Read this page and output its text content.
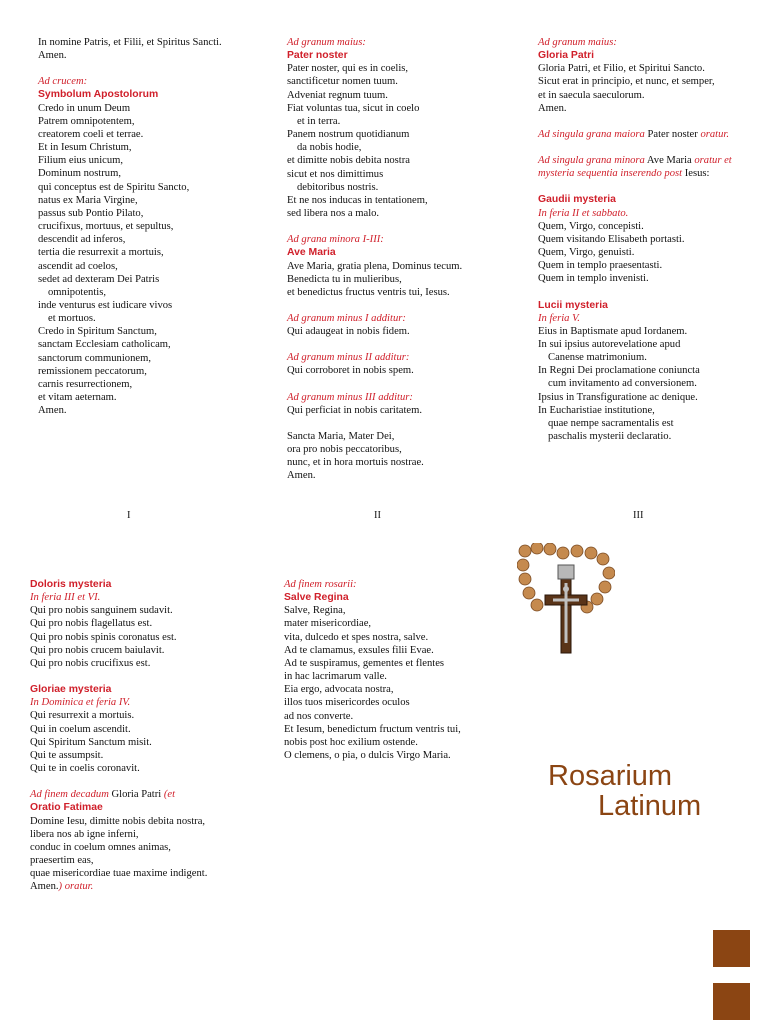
In nomine Patris, et Filii, et Spiritus Sancti.
Amen.
Ad crucem:
Symbolum Apostolorum
Credo in unum Deum
Patrem omnipotentem,
creatorem coeli et terrae.
Et in Iesum Christum,
Filium eius unicum,
Dominum nostrum,
qui conceptus est de Spiritu Sancto,
natus ex Maria Virgine,
passus sub Pontio Pilato,
crucifixus, mortuus, et sepultus,
descendit ad inferos,
tertia die resurrexit a mortuis,
ascendit ad coelos,
sedet ad dexteram Dei Patris
omnipotentis,
inde venturus est iudicare vivos
et mortuos.
Credo in Spiritum Sanctum,
sanctam Ecclesiam catholicam,
sanctorum communionem,
remissionem peccatorum,
carnis resurrectionem,
et vitam aeternam.
Amen.
Ad granum maius:
Pater noster
Pater noster, qui es in coelis,
sanctificetur nomen tuum.
Adveniat regnum tuum.
Fiat voluntas tua, sicut in coelo
et in terra.
Panem nostrum quotidianum
da nobis hodie,
et dimitte nobis debita nostra
sicut et nos dimittimus
debitoribus nostris.
Et ne nos inducas in tentationem,
sed libera nos a malo.
Ad grana minora I-III:
Ave Maria
Ave Maria, gratia plena, Dominus tecum.
Benedicta tu in mulieribus,
et benedictus fructus ventris tui, Iesus.
Ad granum minus I additur:
Qui adaugeat in nobis fidem.
Ad granum minus II additur:
Qui corroboret in nobis spem.
Ad granum minus III additur:
Qui perficiat in nobis caritatem.
Sancta Maria, Mater Dei,
ora pro nobis peccatoribus,
nunc, et in hora mortuis nostrae.
Amen.
Ad granum maius:
Gloria Patri
Gloria Patri, et Filio, et Spiritui Sancto.
Sicut erat in principio, et nunc, et semper,
et in saecula saeculorum.
Amen.
Ad singula grana maiora Pater noster oratur.
Ad singula grana minora Ave Maria oratur et
mysteria sequentia inserendo post Iesus:
Gaudii mysteria
In feria II et sabbato.
Quem, Virgo, concepisti.
Quem visitando Elisabeth portasti.
Quem, Virgo, genuisti.
Quem in templo praesentasti.
Quem in templo invenisti.
Lucii mysteria
In feria V.
Eius in Baptismate apud Iordanem.
In sui ipsius autorevelatione apud
Canense matrimonium.
In Regni Dei proclamatione coniuncta
cum invitamento ad conversionem.
Ipsius in Transfiguratione ac denique.
In Eucharistiae institutione,
quae nempe sacramentalis est
paschalis mysterii declaratio.
I	II	III
Doloris mysteria
In feria III et VI.
Qui pro nobis sanguinem sudavit.
Qui pro nobis flagellatus est.
Qui pro nobis spinis coronatus est.
Qui pro nobis crucem baiulavit.
Qui pro nobis crucifixus est.
Gloriae mysteria
In Dominica et feria IV.
Qui resurrexit a mortuis.
Qui in coelum ascendit.
Qui Spiritum Sanctum misit.
Qui te assumpsit.
Qui te in coelis coronavit.
Ad finem decadum Gloria Patri (et
Oratio Fatimae
Domine Iesu, dimitte nobis debita nostra,
libera nos ab igne inferni,
conduc in coelum omnes animas,
praesertim eas,
quae misericordiae tuae maxime indigent.
Amen.) oratur.
Ad finem rosarii:
Salve Regina
Salve, Regina,
mater misericordiae,
vita, dulcedo et spes nostra, salve.
Ad te clamamus, exsules filii Evae.
Ad te suspiramus, gementes et flentes
in hac lacrimarum valle.
Eia ergo, advocata nostra,
illos tuos misericordes oculos
ad nos converte.
Et Iesum, benedictum fructum ventris tui,
nobis post hoc exilium ostende.
O clemens, o pia, o dulcis Virgo Maria.
Rosarium
Latinum
